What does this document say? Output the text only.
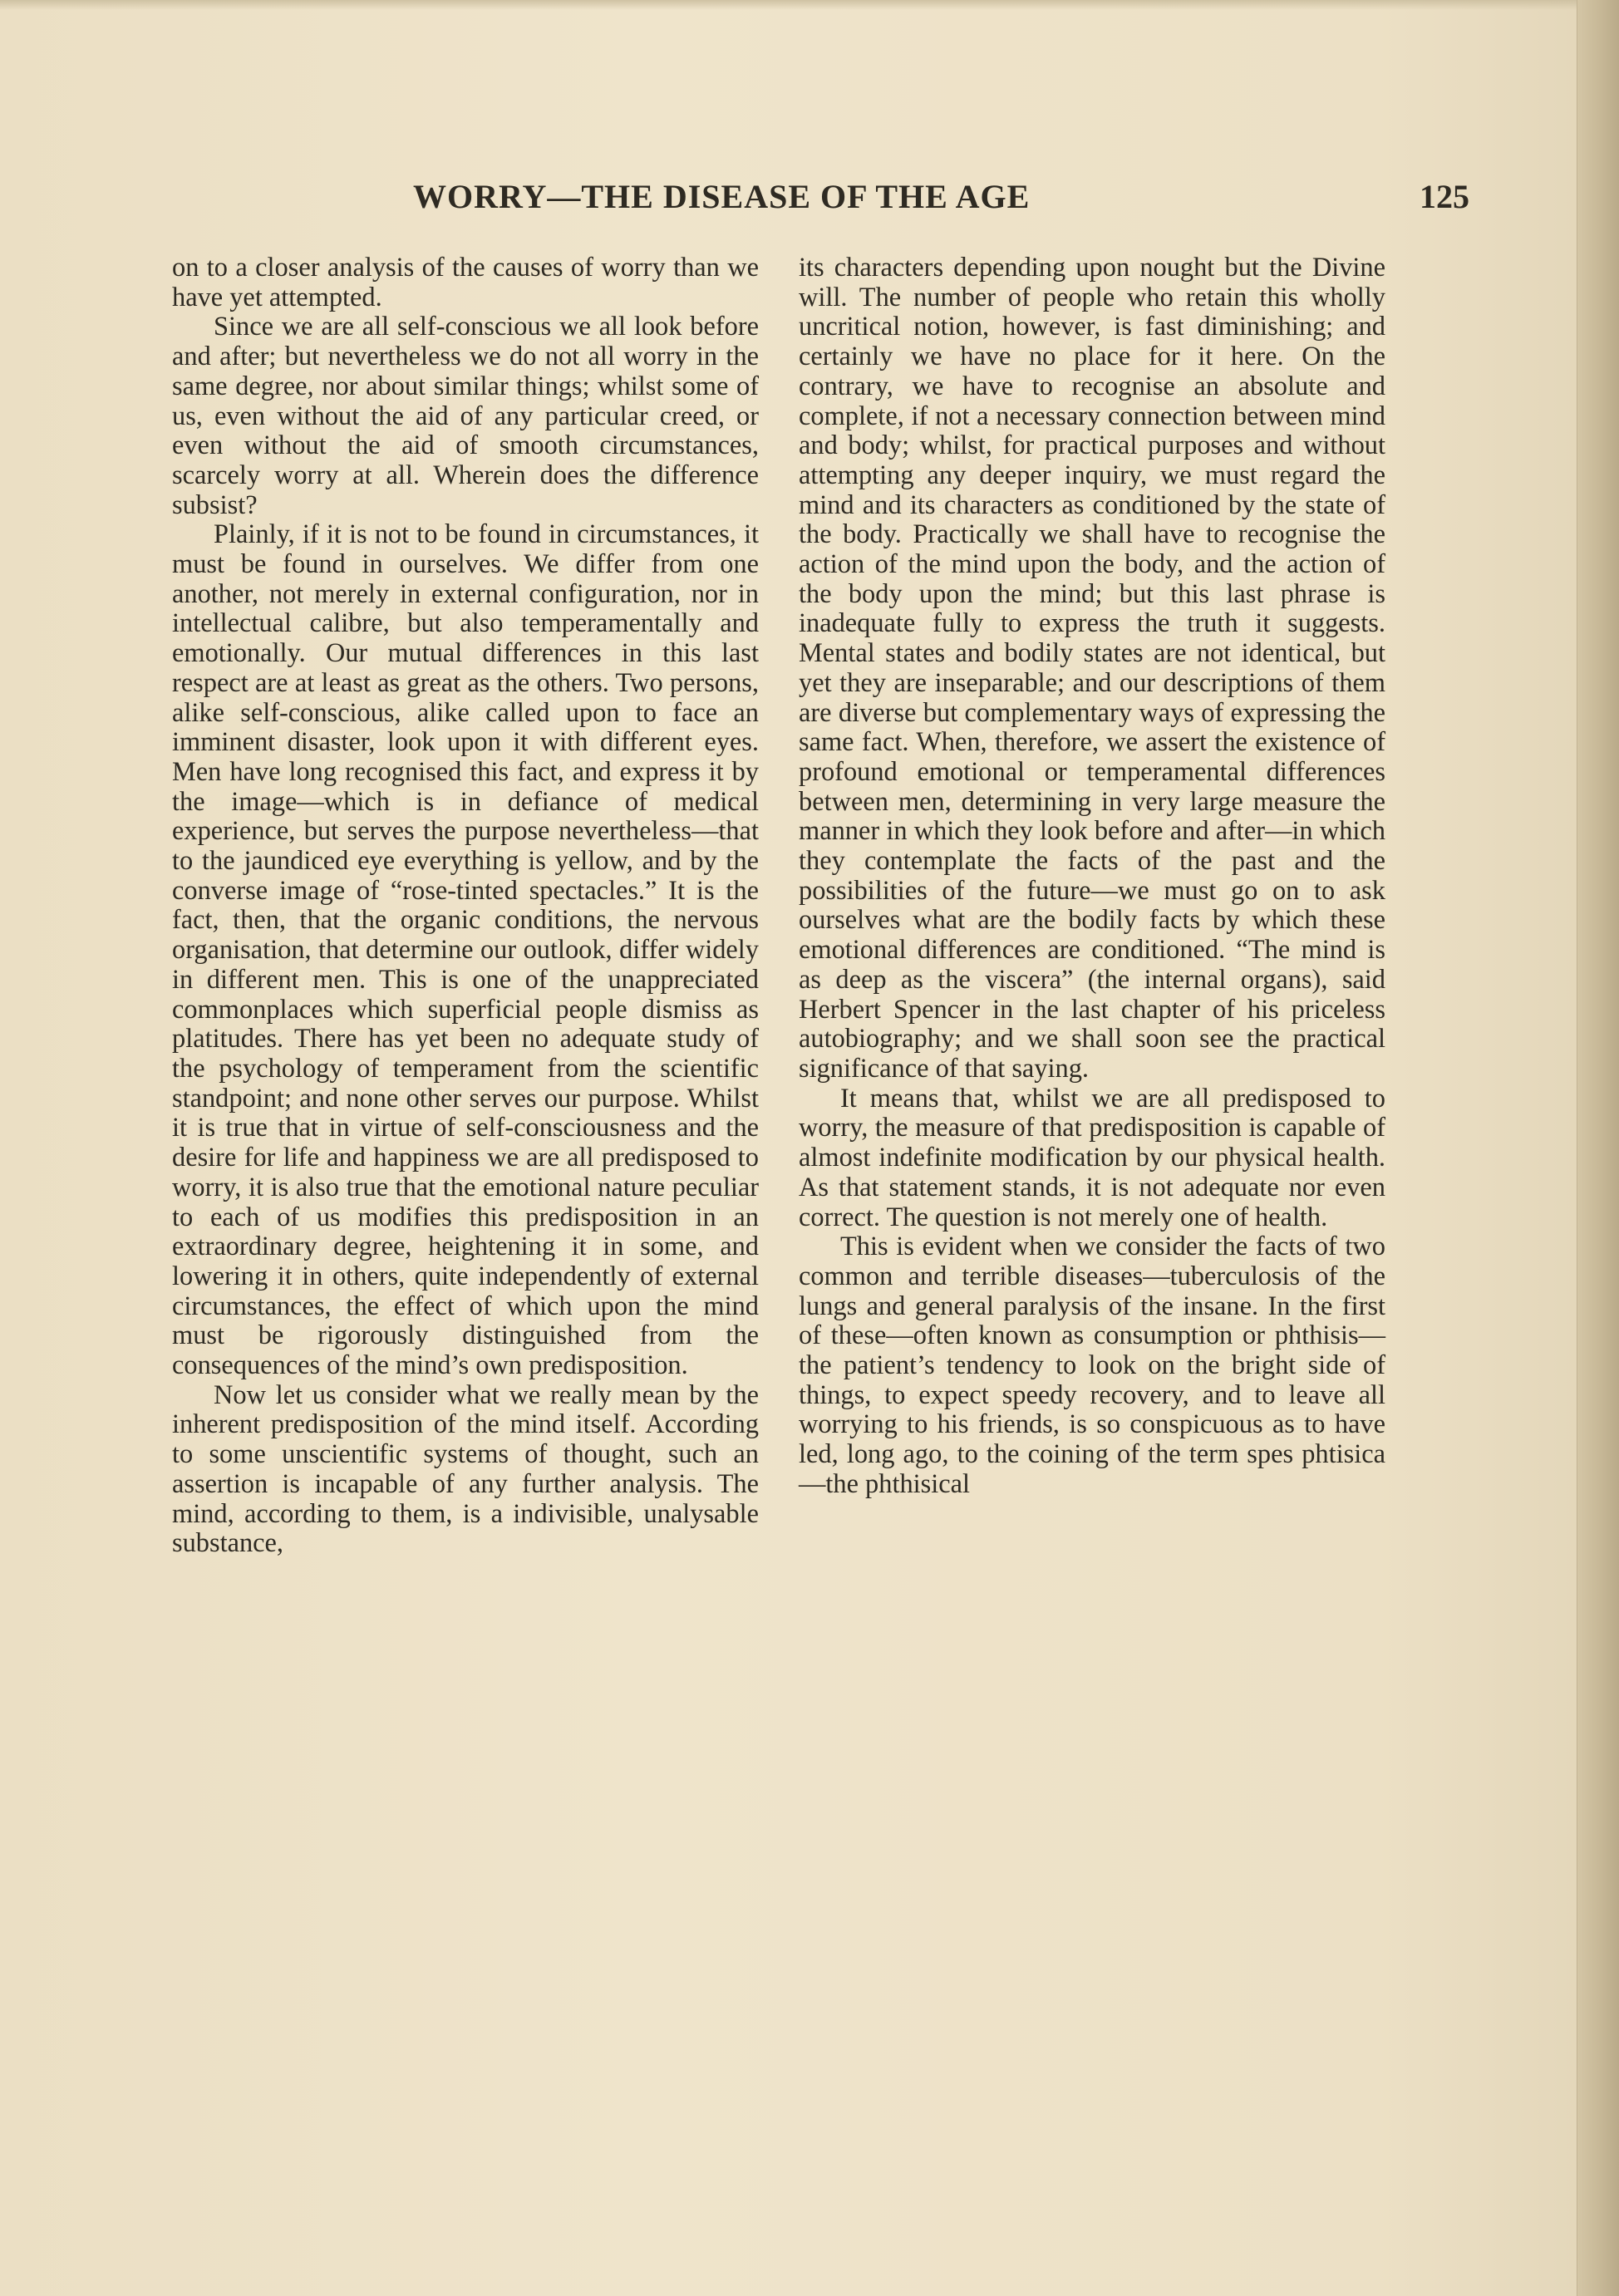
WORRY—THE DISEASE OF THE AGE	125

on to a closer analysis of the causes of worry than we have yet attempted.

Since we are all self-conscious we all look before and after; but nevertheless we do not all worry in the same degree, nor about similar things; whilst some of us, even without the aid of any particular creed, or even without the aid of smooth circumstances, scarcely worry at all. Wherein does the difference subsist?

Plainly, if it is not to be found in circumstances, it must be found in ourselves. We differ from one another, not merely in external configuration, nor in intellectual calibre, but also temperamentally and emotionally. Our mutual differences in this last respect are at least as great as the others. Two persons, alike self-conscious, alike called upon to face an imminent disaster, look upon it with different eyes. Men have long recognised this fact, and express it by the image—which is in defiance of medical experience, but serves the purpose nevertheless—that to the jaundiced eye everything is yellow, and by the converse image of “rose-tinted spectacles.” It is the fact, then, that the organic conditions, the nervous organisation, that determine our outlook, differ widely in different men. This is one of the unappreciated commonplaces which superficial people dismiss as platitudes. There has yet been no adequate study of the psychology of temperament from the scientific standpoint; and none other serves our purpose. Whilst it is true that in virtue of self-consciousness and the desire for life and happiness we are all predisposed to worry, it is also true that the emotional nature peculiar to each of us modifies this predisposition in an extraordinary degree, heightening it in some, and lowering it in others, quite independently of external circumstances, the effect of which upon the mind must be rigorously distinguished from the consequences of the mind’s own predisposition.

Now let us consider what we really mean by the inherent predisposition of the mind itself. According to some unscientific systems of thought, such an assertion is incapable of any further analysis. The mind, according to them, is a indivisible, unalysable substance,

its characters depending upon nought but the Divine will. The number of people who retain this wholly uncritical notion, however, is fast diminishing; and certainly we have no place for it here. On the contrary, we have to recognise an absolute and complete, if not a necessary connection between mind and body; whilst, for practical purposes and without attempting any deeper inquiry, we must regard the mind and its characters as conditioned by the state of the body. Practically we shall have to recognise the action of the mind upon the body, and the action of the body upon the mind; but this last phrase is inadequate fully to express the truth it suggests. Mental states and bodily states are not identical, but yet they are inseparable; and our descriptions of them are diverse but complementary ways of expressing the same fact. When, therefore, we assert the existence of profound emotional or temperamental differences between men, determining in very large measure the manner in which they look before and after—in which they contemplate the facts of the past and the possibilities of the future—we must go on to ask ourselves what are the bodily facts by which these emotional differences are conditioned. “The mind is as deep as the viscera” (the internal organs), said Herbert Spencer in the last chapter of his priceless autobiography; and we shall soon see the practical significance of that saying.

It means that, whilst we are all predisposed to worry, the measure of that predisposition is capable of almost indefinite modification by our physical health. As that statement stands, it is not adequate nor even correct. The question is not merely one of health.

This is evident when we consider the facts of two common and terrible diseases—tuberculosis of the lungs and general paralysis of the insane. In the first of these—often known as consumption or phthisis—the patient’s tendency to look on the bright side of things, to expect speedy recovery, and to leave all worrying to his friends, is so conspicuous as to have led, long ago, to the coining of the term spes phtisica—the phthisical
